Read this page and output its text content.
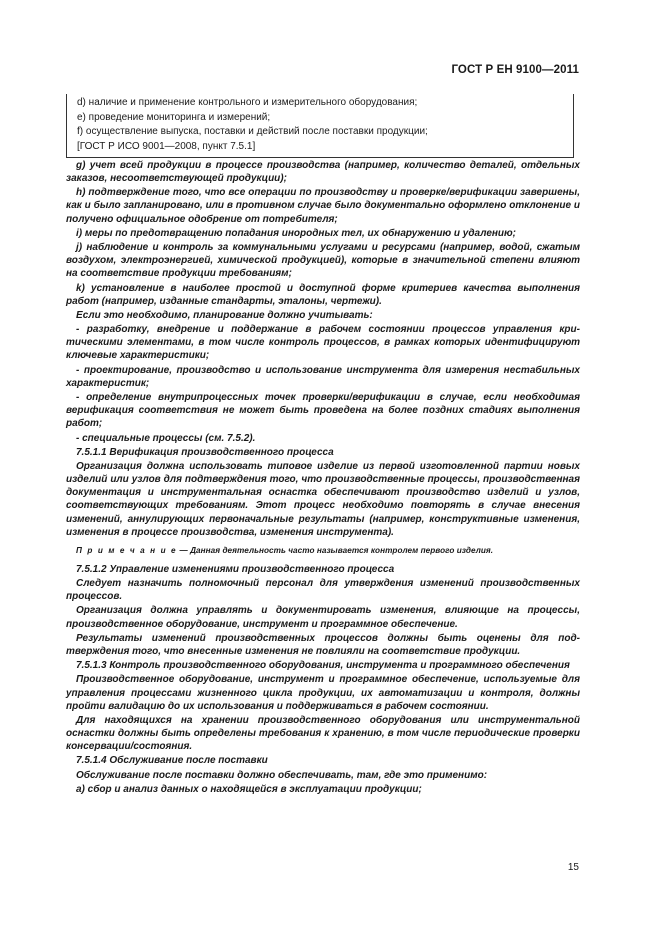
ГОСТ Р ЕН 9100—2011
d) наличие и применение контрольного и измерительного оборудования;
e) проведение мониторинга и измерений;
f) осуществление выпуска, поставки и действий после поставки продукции;
[ГОСТ Р ИСО 9001—2008, пункт 7.5.1]

g) учет всей продукции в процессе производства (например, количество деталей, отдельных заказов, несоответствующей продукции);

h) подтверждение того, что все операции по производству и проверке/верификации завершены, как и было запланировано, или в противном случае было документально оформлено отклонение и получено официальное одобрение от потребителя;

i) меры по предотвращению попадания инородных тел, их обнаружению и удалению;

j) наблюдение и контроль за коммунальными услугами и ресурсами (например, водой, сжатым воздухом, электроэнергией, химической продукцией), которые в значительной степени влияют на соответствие продукции требованиям;

k) установление в наиболее простой и доступной форме критериев качества выполнения работ (например, изданные стандарты, эталоны, чертежи).

Если это необходимо, планирование должно учитывать:

- разработку, внедрение и поддержание в рабочем состоянии процессов управления критическими элементами, в том числе контроль процессов, в рамках которых идентифицируют ключевые характеристики;

- проектирование, производство и использование инструмента для измерения нестабильных характеристик;

- определение внутрипроцессных точек проверки/верификации в случае, если необходимая верификация соответствия не может быть проведена на более поздних стадиях выполнения работ;

- специальные процессы (см. 7.5.2).

7.5.1.1 Верификация производственного процесса

Организация должна использовать типовое изделие из первой изготовленной партии новых изделий или узлов для подтверждения того, что производственные процессы, производственная документация и инструментальная оснастка обеспечивают производство изделий и узлов, соответствующих требованиям. Этот процесс необходимо повторять в случае внесения изменений, аннулирующих первоначальные результаты (например, конструктивные изменения, изменения в процессе производства, изменения инструмента).

П р и м е ч а н и е — Данная деятельность часто называется контролем первого изделия.

7.5.1.2 Управление изменениями производственного процесса

Следует назначить полномочный персонал для утверждения изменений производственных процессов.

Организация должна управлять и документировать изменения, влияющие на процессы, производственное оборудование, инструмент и программное обеспечение.

Результаты изменений производственных процессов должны быть оценены для подтверждения того, что внесенные изменения не повлияли на соответствие продукции.

7.5.1.3 Контроль производственного оборудования, инструмента и программного обеспечения

Производственное оборудование, инструмент и программное обеспечение, используемые для управления процессами жизненного цикла продукции, их автоматизации и контроля, должны пройти валидацию до их использования и поддерживаться в рабочем состоянии.

Для находящихся на хранении производственного оборудования или инструментальной оснастки должны быть определены требования к хранению, в том числе периодические проверки консервации/состояния.

7.5.1.4 Обслуживание после поставки

Обслуживание после поставки должно обеспечивать, там, где это применимо:

a) сбор и анализ данных о находящейся в эксплуатации продукции;

15
